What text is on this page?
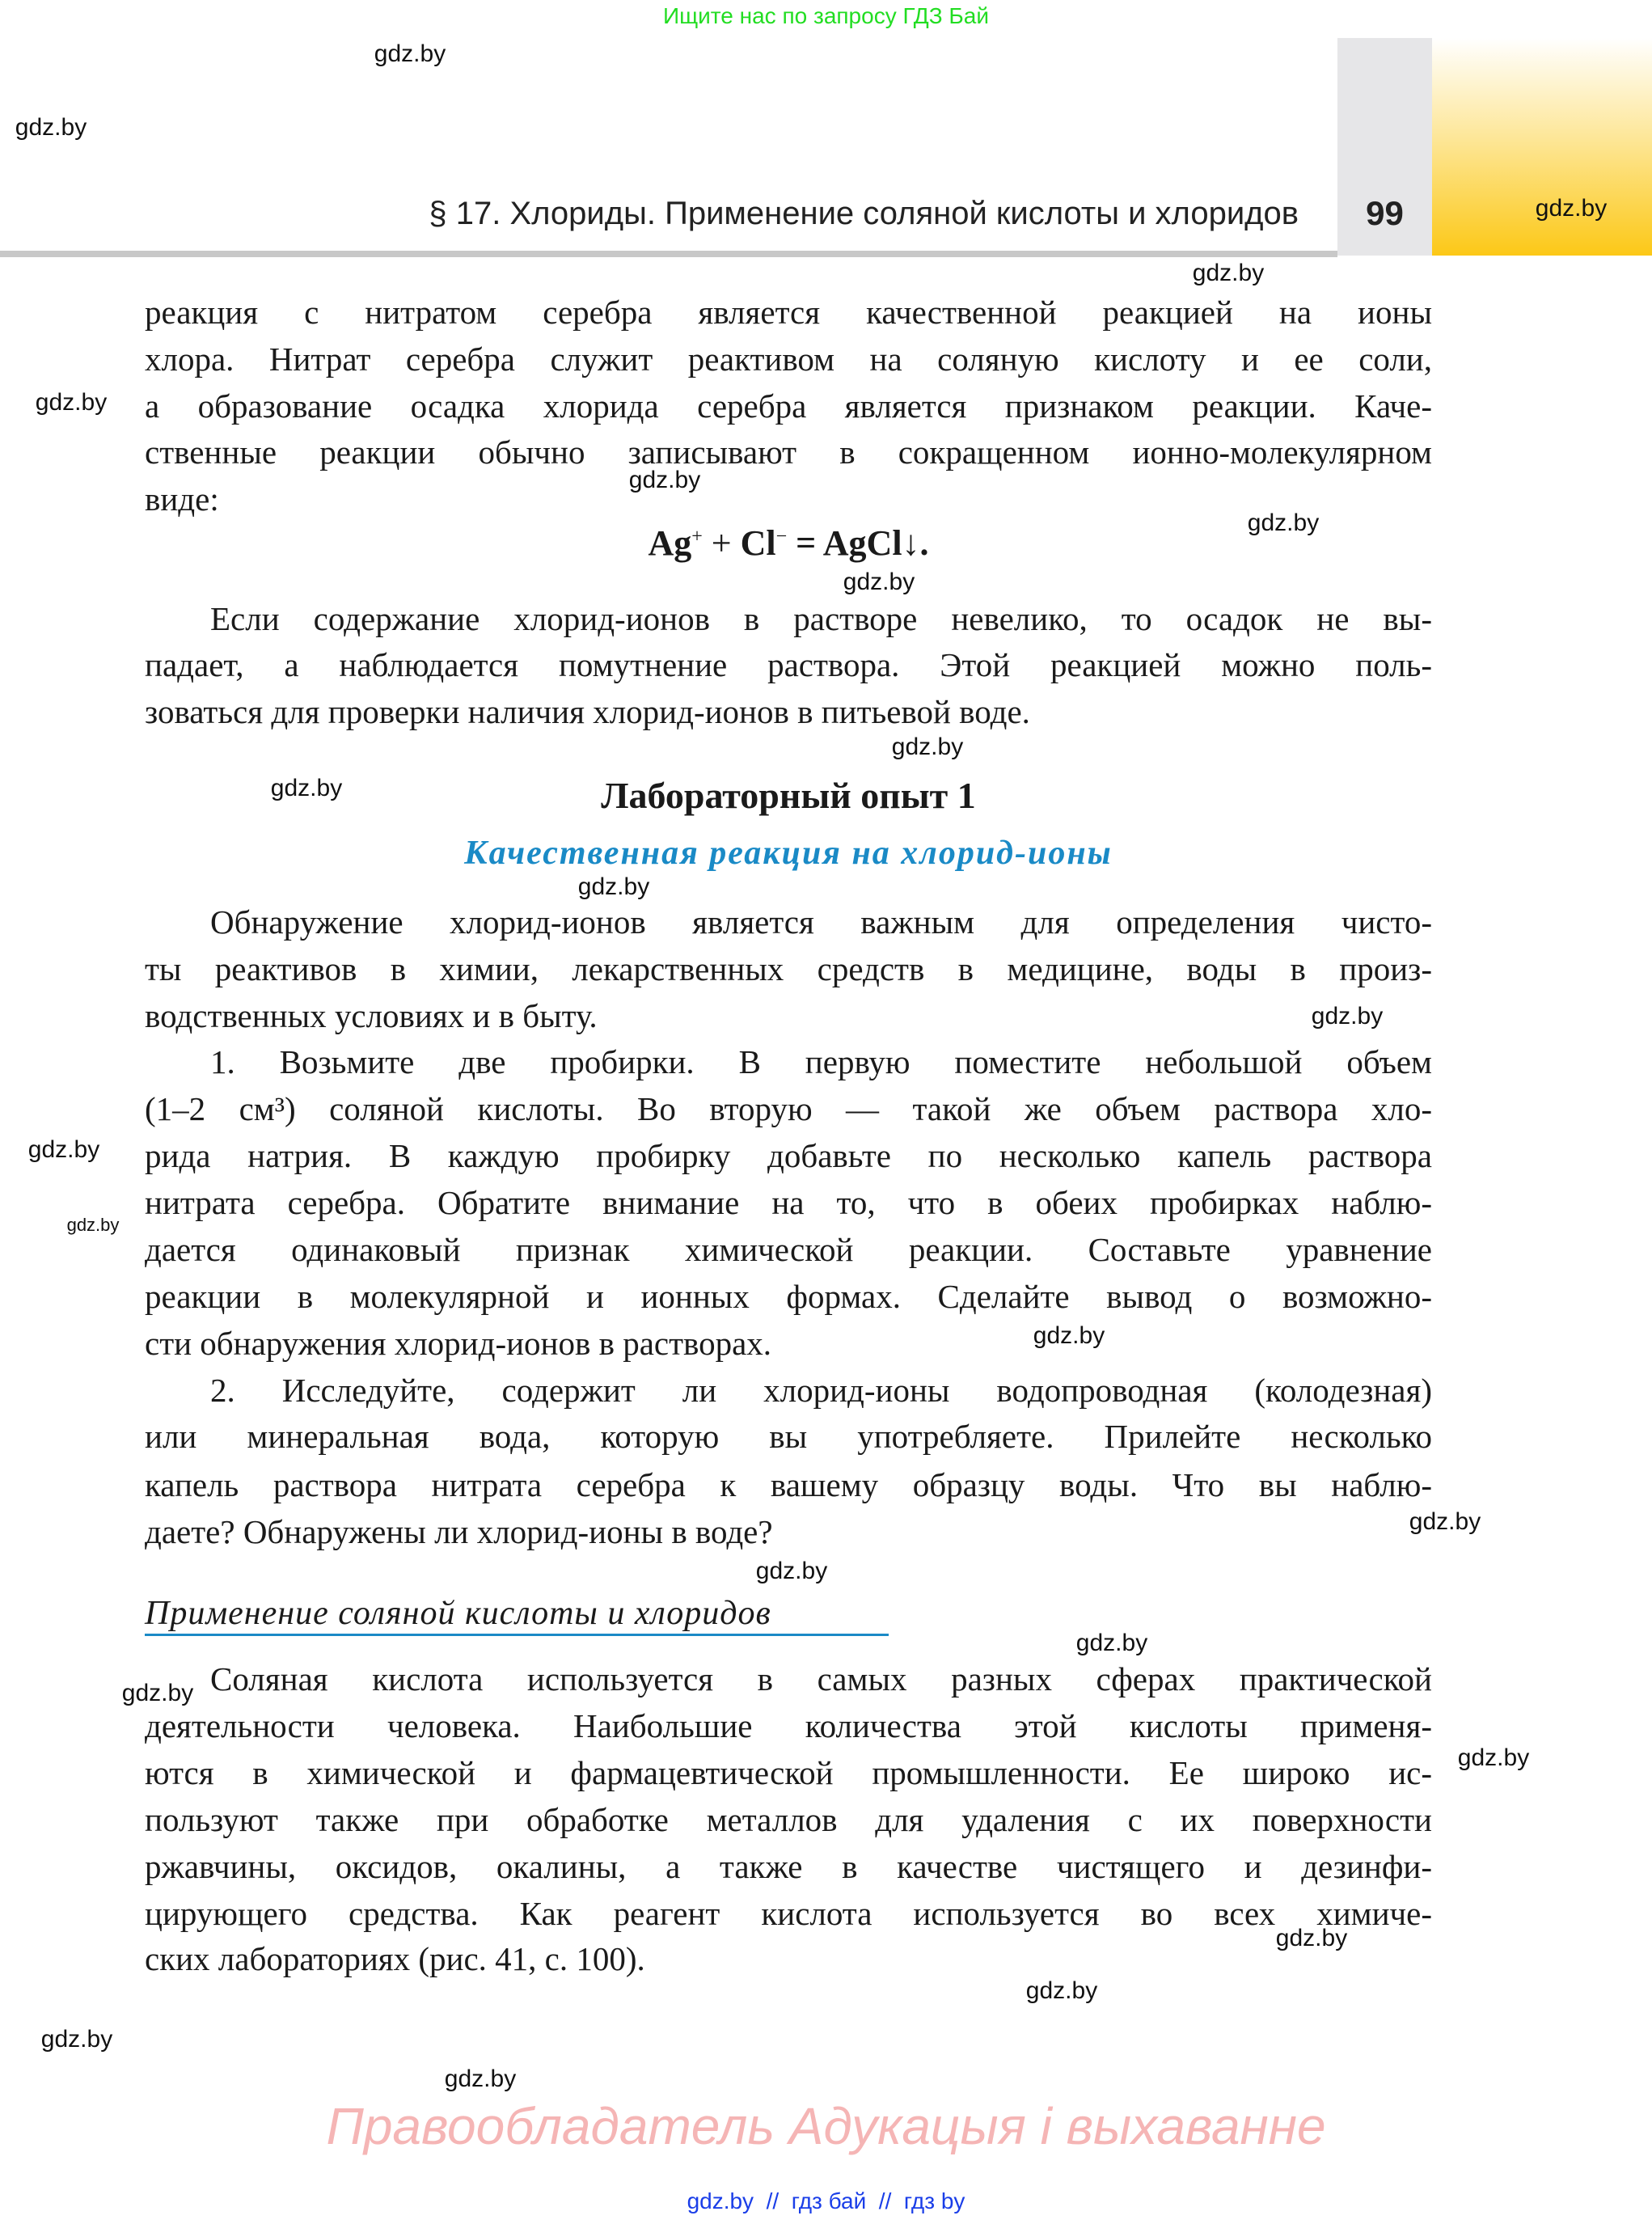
Ищите нас по запросу ГДЗ Бай
§ 17. Хлориды. Применение соляной кислоты и хлоридов	99
реакция с нитратом серебра является качественной реакцией на ионы
хлора. Нитрат серебра служит реактивом на соляную кислоту и ее соли,
а образование осадка хлорида серебра является признаком реакции. Каче-
ственные реакции обычно записывают в сокращенном ионно-молекулярном
виде:
Ag+ + Cl− = AgCl↓.
Если содержание хлорид-ионов в растворе невелико, то осадок не вы-
падает, а наблюдается помутнение раствора. Этой реакцией можно поль-
зоваться для проверки наличия хлорид-ионов в питьевой воде.
Лабораторный опыт 1
Качественная реакция на хлорид-ионы
Обнаружение хлорид-ионов является важным для определения чисто-
ты реактивов в химии, лекарственных средств в медицине, воды в произ-
водственных условиях и в быту.
1. Возьмите две пробирки. В первую поместите небольшой объем
(1–2 см³) соляной кислоты. Во вторую — такой же объем раствора хло-
рида натрия. В каждую пробирку добавьте по несколько капель раствора
нитрата серебра. Обратите внимание на то, что в обеих пробирках наблю-
дается одинаковый признак химической реакции. Составьте уравнение
реакции в молекулярной и ионных формах. Сделайте вывод о возможно-
сти обнаружения хлорид-ионов в растворах.
2. Исследуйте, содержит ли хлорид-ионы водопроводная (колодезная)
или минеральная вода, которую вы употребляете. Прилейте несколько
капель раствора нитрата серебра к вашему образцу воды. Что вы наблю-
даете? Обнаружены ли хлорид-ионы в воде?
Применение соляной кислоты и хлоридов
Соляная кислота используется в самых разных сферах практической
деятельности человека. Наибольшие количества этой кислоты применя-
ются в химической и фармацевтической промышленности. Ее широко ис-
пользуют также при обработке металлов для удаления с их поверхности
ржавчины, оксидов, окалины, а также в качестве чистящего и дезинфи-
цирующего средства. Как реагент кислота используется во всех химиче-
ских лабораториях (рис. 41, с. 100).
gdz.by
gdz.by
gdz.by
gdz.by
gdz.by
gdz.by
gdz.by
gdz.by
gdz.by
gdz.by
gdz.by
gdz.by
gdz.by
gdz.by
gdz.by
gdz.by
gdz.by
gdz.by
gdz.by
gdz.by
gdz.by
gdz.by
gdz.by
gdz.by
Правообладатель Адукацыя і выхаванне
gdz.by  //  гдз бай  //  гдз by
